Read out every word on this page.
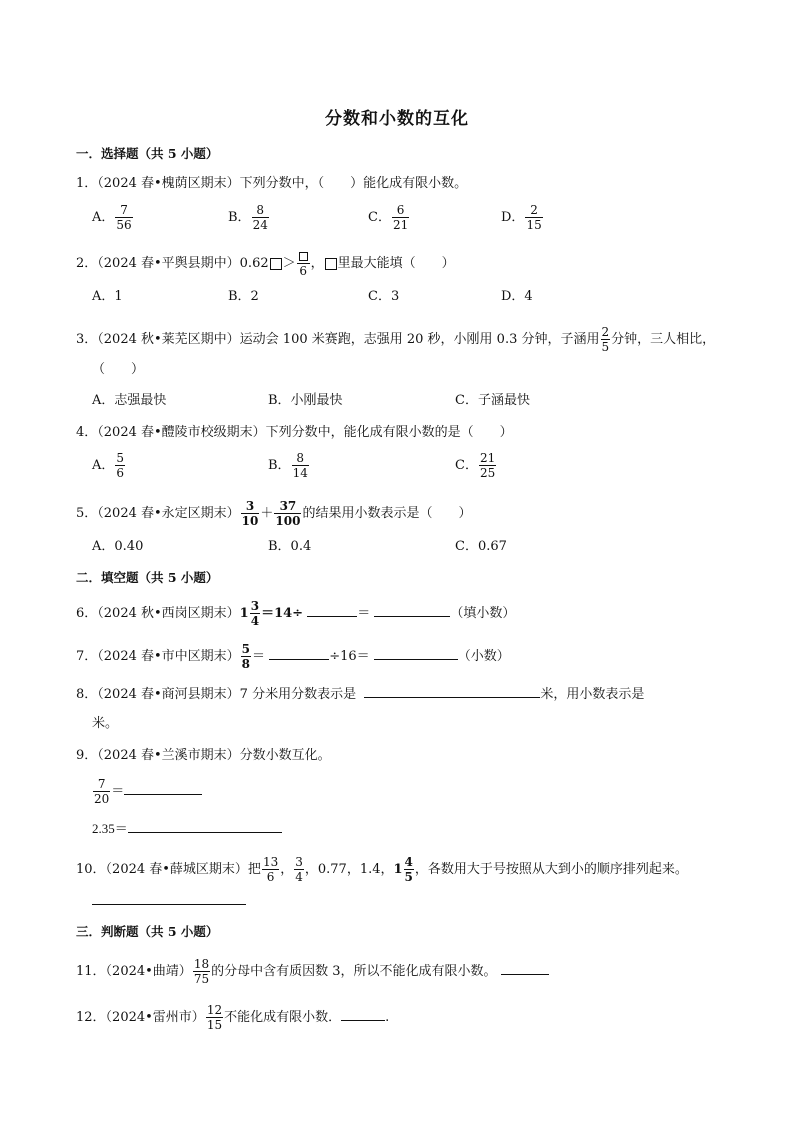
分数和小数的互化
一．选择题（共 5 小题）
1．（2024 春•槐荫区期末）下列分数中，（ ）能化成有限小数。
A． $\frac{7}{56}$	B． $\frac{8}{24}$	C． $\frac{6}{21}$	D． $\frac{2}{15}$
2．（2024 春•平舆县期中）0.62 ＞ 6 ， 里最大能填（ ）
A．1	B．2	C．3	D．4
3．（2024 秋•莱芜区期中）运动会 100 米赛跑，志强用 20 秒，小刚用 0.3 分钟，子涵用 $\frac{2}{5}$ 分钟，三人相比，
（　　）
A．志强最快	B．小刚最快	C．子涵最快
4．（2024 春•醴陵市校级期末）下列分数中，能化成有限小数的是（　　）
A． $\frac{5}{6}$	B． $\frac{8}{14}$	C． $\frac{21}{25}$
5．（2024 春•永定区期末） $\frac{3}{10} + \frac{37}{100}$ 的结果用小数表示是（　　）
A．0.40	B．0.4	C．0.67
二．填空题（共 5 小题）
6．（2024 秋•西岗区期末）$1 \frac{3}{4} =14\div$	＝	（填小数）
7．（2024 春•市中区期末） $\frac{5}{8}$ ＝	÷16＝	（小数）
8．（2024 春•商河县期末）7 分米用分数表示是	米，用小数表示是
米。
9．（2024 春•兰溪市期末）分数小数互化。
$\frac{7}{20}$ ＝
2.35＝
10．（2024 春•薛城区期末）把 $\frac{13}{6}$ ， $\frac{3}{4}$ ，0.77，1.4，$1 \frac{4}{5}$ ，各数用大于号按照从大到小的顺序排列起来。
三．判断题（共 5 小题）
11．（2024•曲靖） $\frac{18}{75}$ 的分母中含有质因数 3，所以不能化成有限小数。
12．（2024•雷州市） $\frac{12}{15}$ 不能化成有限小数．	.
